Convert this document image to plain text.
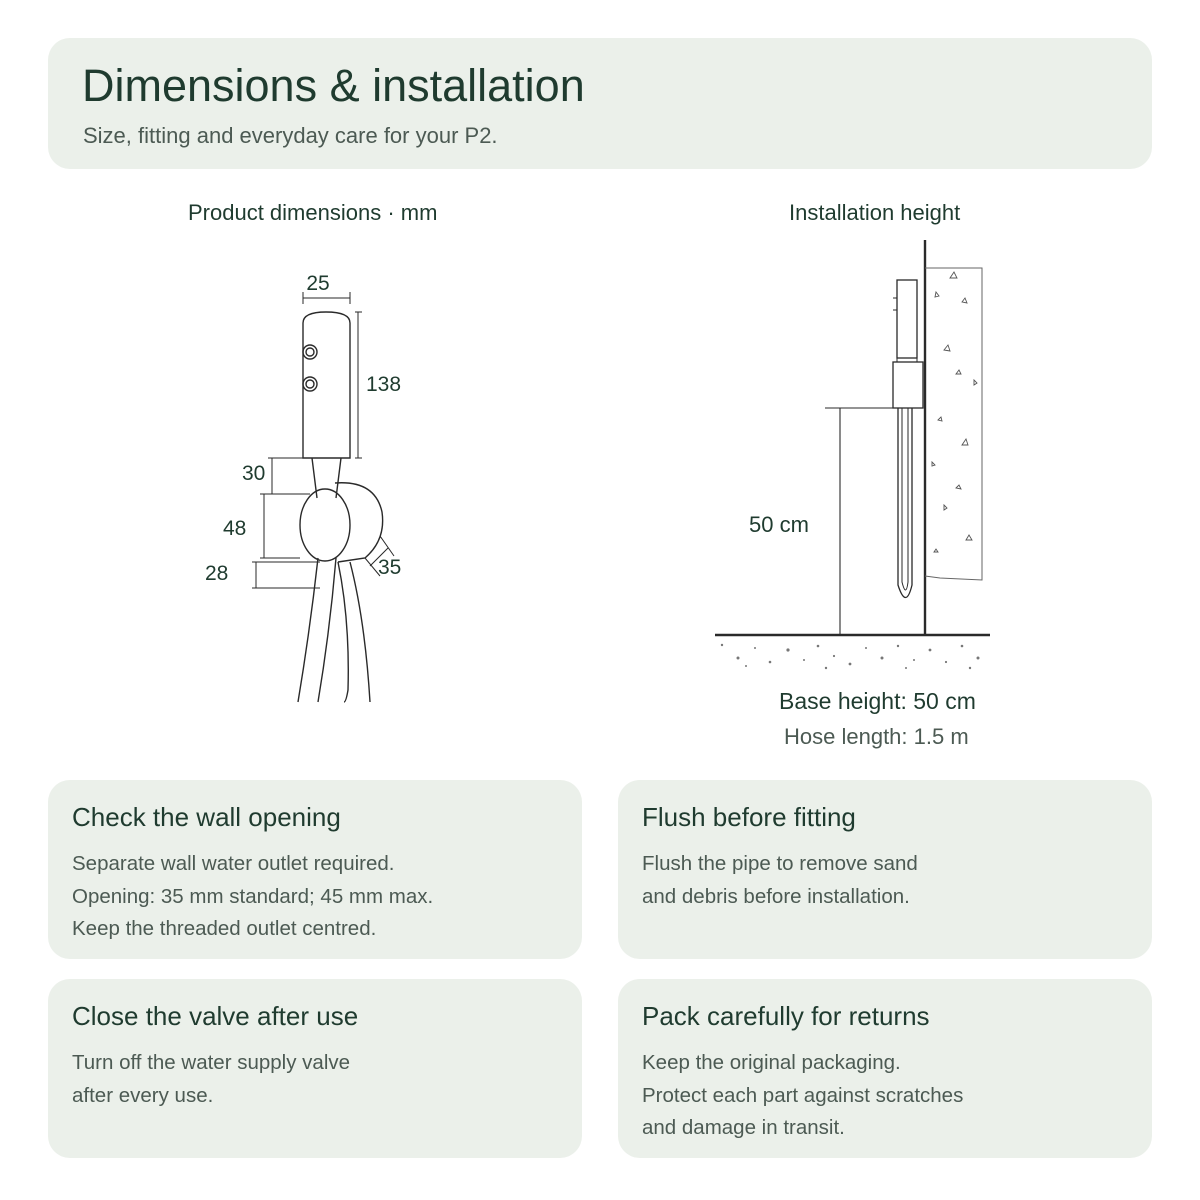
Dimensions & installation
Size, fitting and everyday care for your P2.
Product dimensions · mm	Installation height
25
138
30
48
28	35
50 cm
Base height: 50 cm
Hose length: 1.5 m
Check the wall opening
Separate wall water outlet required.
Opening: 35 mm standard; 45 mm max.
Keep the threaded outlet centred.
Flush before fitting
Flush the pipe to remove sand
and debris before installation.
Close the valve after use
Turn off the water supply valve
after every use.
Pack carefully for returns
Keep the original packaging.
Protect each part against scratches
and damage in transit.
